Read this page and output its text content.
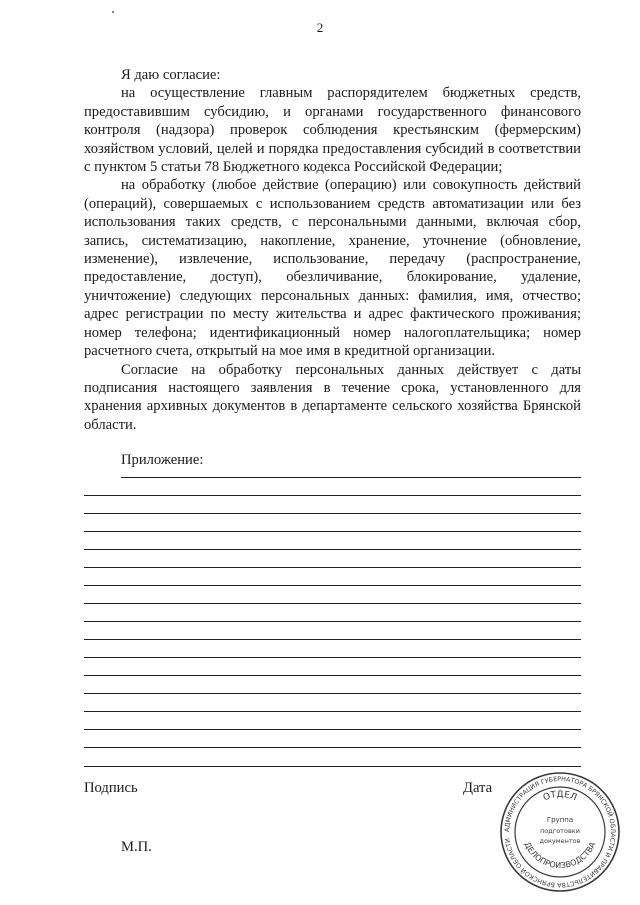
2

Я даю согласие:

на осуществление главным распорядителем бюджетных средств, предоставившим субсидию, и органами государственного финансового контроля (надзора) проверок соблюдения крестьянским (фермерским) хозяйством условий, целей и порядка предоставления субсидий в соответствии с пунктом 5 статьи 78 Бюджетного кодекса Российской Федерации;

на обработку (любое действие (операцию) или совокупность действий (операций), совершаемых с использованием средств автоматизации или без использования таких средств, с персональными данными, включая сбор, запись, систематизацию, накопление, хранение, уточнение (обновление, изменение), извлечение, использование, передачу (распространение, предоставление, доступ), обезличивание, блокирование, удаление, уничтожение) следующих персональных данных: фамилия, имя, отчество; адрес регистрации по месту жительства и адрес фактического проживания; номер телефона; идентификационный номер налогоплательщика; номер расчетного счета, открытый на мое имя в кредитной организации.

Согласие на обработку персональных данных действует с даты подписания настоящего заявления в течение срока, установленного для хранения архивных документов в департаменте сельского хозяйства Брянской области.

Приложение:
Подпись	Дата
М.П.
АДМИНИСТРАЦИЯ ГУБЕРНАТОРА БРЯНСКОЙ ОБЛАСТИ И ПРАВИТЕЛЬСТВА БРЯНСКОЙ ОБЛАСТИ
ОТДЕЛ
ДЕЛОПРОИЗВОДСТВА
Группа
подготовки
документов
